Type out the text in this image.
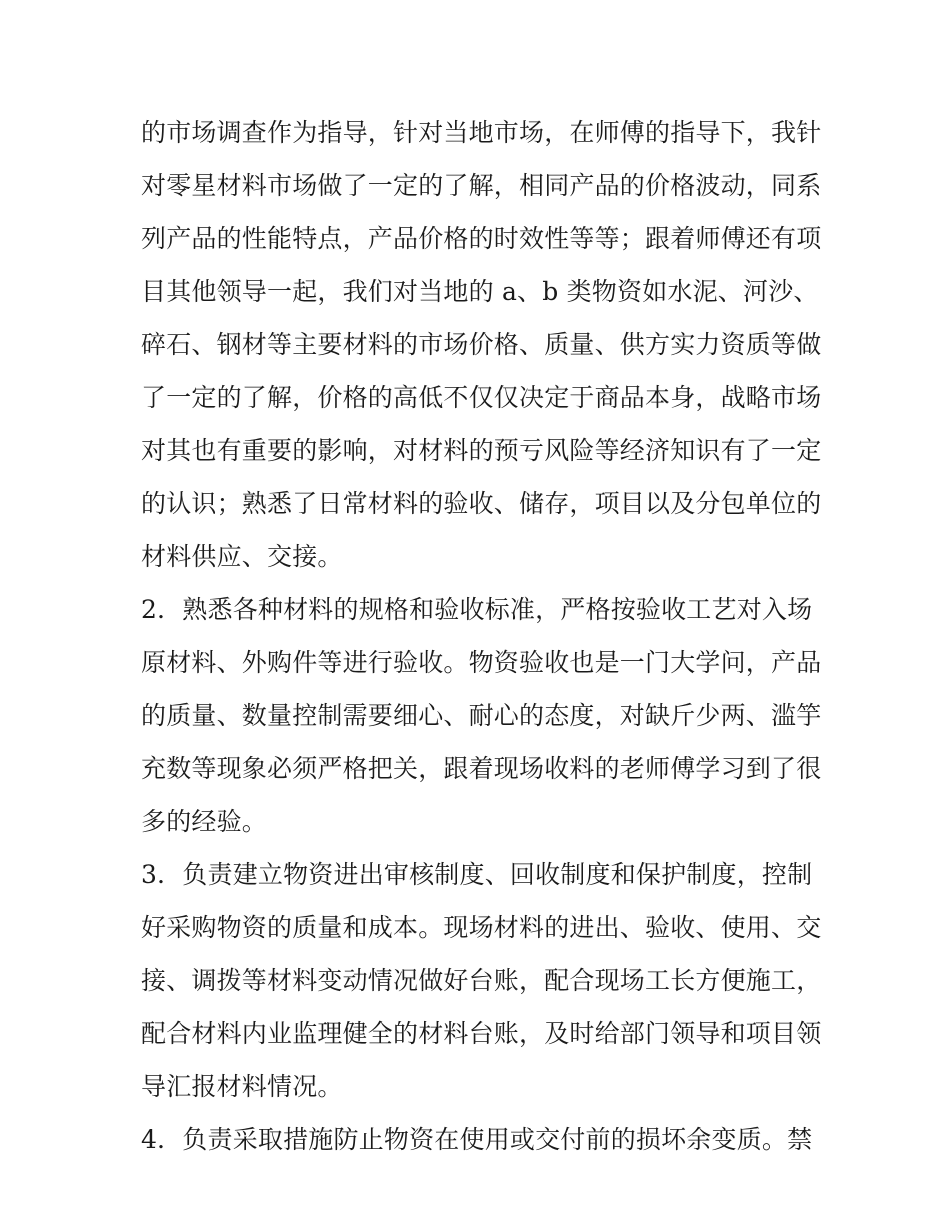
的市场调查作为指导，针对当地市场，在师傅的指导下，我针
对零星材料市场做了一定的了解，相同产品的价格波动，同系
列产品的性能特点，产品价格的时效性等等；跟着师傅还有项
目其他领导一起，我们对当地的 a、b 类物资如水泥、河沙、
碎石、钢材等主要材料的市场价格、质量、供方实力资质等做
了一定的了解，价格的高低不仅仅决定于商品本身，战略市场
对其也有重要的影响，对材料的预亏风险等经济知识有了一定
的认识；熟悉了日常材料的验收、储存，项目以及分包单位的
材料供应、交接。
2．熟悉各种材料的规格和验收标准，严格按验收工艺对入场
原材料、外购件等进行验收。物资验收也是一门大学问，产品
的质量、数量控制需要细心、耐心的态度，对缺斤少两、滥竽
充数等现象必须严格把关，跟着现场收料的老师傅学习到了很
多的经验。
3．负责建立物资进出审核制度、回收制度和保护制度，控制
好采购物资的质量和成本。现场材料的进出、验收、使用、交
接、调拨等材料变动情况做好台账，配合现场工长方便施工，
配合材料内业监理健全的材料台账，及时给部门领导和项目领
导汇报材料情况。
4．负责采取措施防止物资在使用或交付前的损坏余变质。禁
